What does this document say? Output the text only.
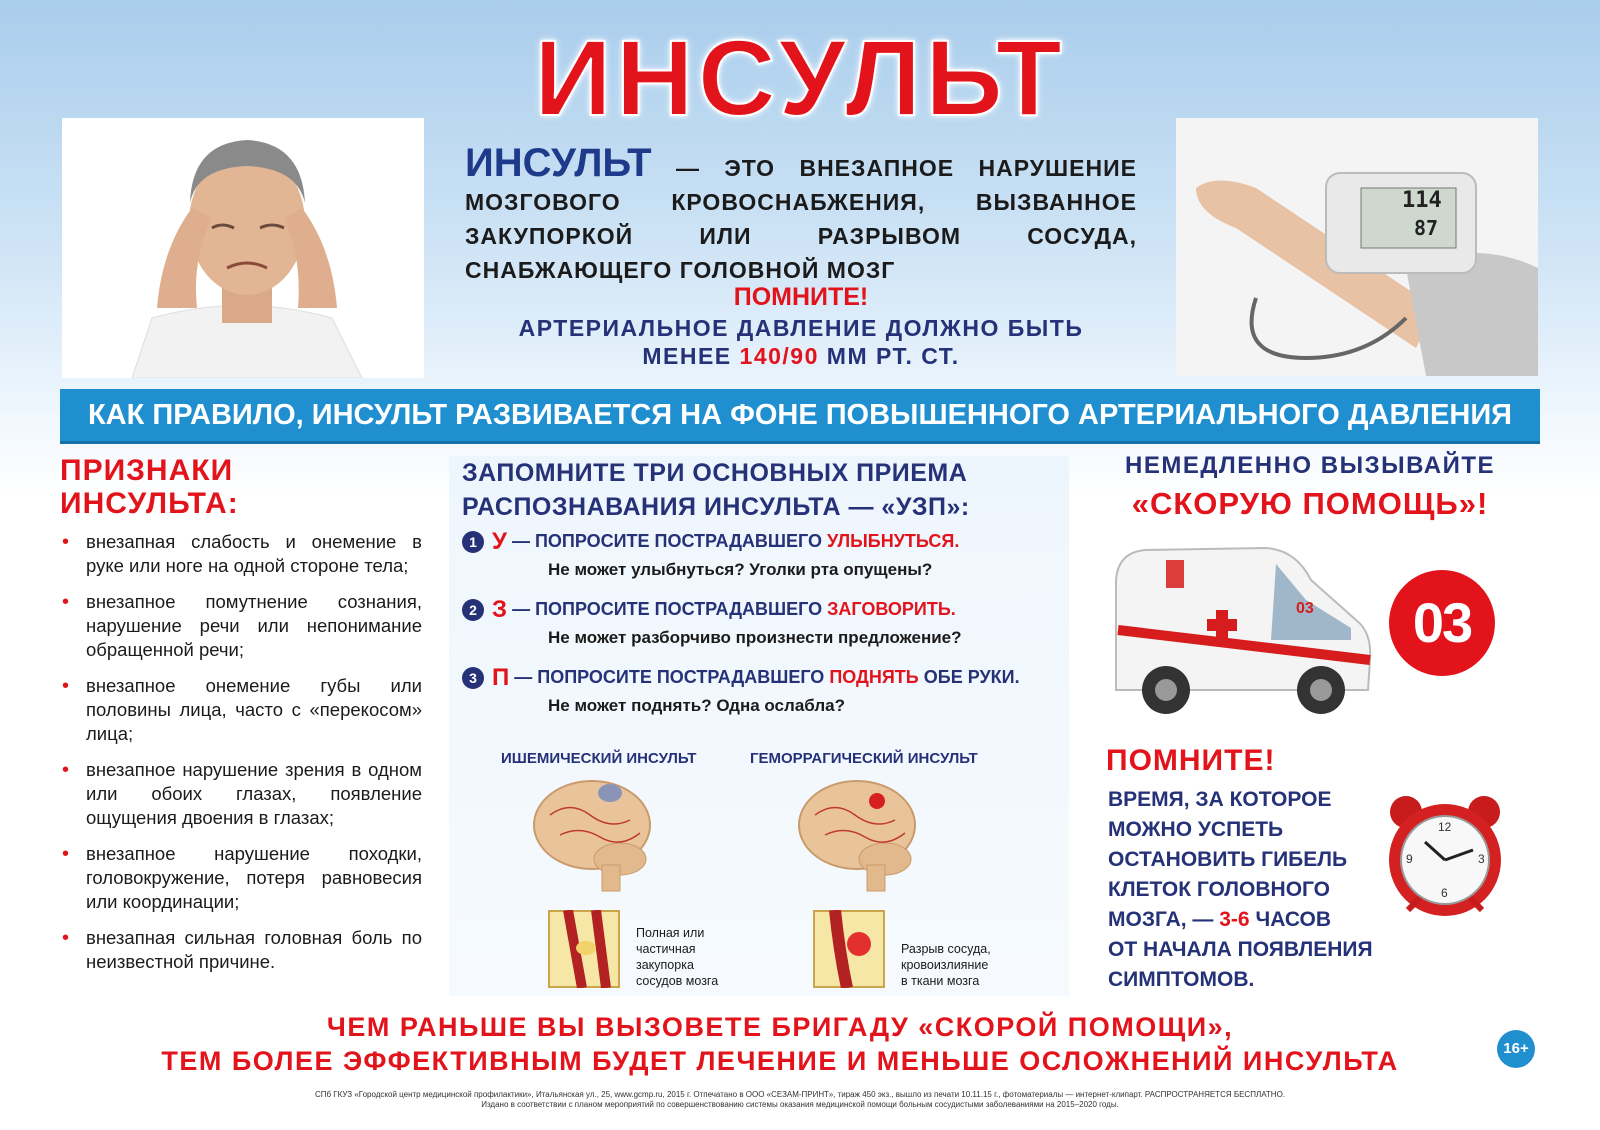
ИНСУЛЬТ
114
87
ИНСУЛЬТ — ЭТО ВНЕЗАПНОЕ НАРУШЕНИЕ МОЗГОВОГО КРОВОСНАБЖЕНИЯ, ВЫЗВАННОЕ ЗАКУПОРКОЙ ИЛИ РАЗРЫВОМ СОСУДА, СНАБЖАЮЩЕГО ГОЛОВНОЙ МОЗГ
ПОМНИТЕ!
АРТЕРИАЛЬНОЕ ДАВЛЕНИЕ ДОЛЖНО БЫТЬ
МЕНЕЕ 140/90 ММ РТ. СТ.
КАК ПРАВИЛО, ИНСУЛЬТ РАЗВИВАЕТСЯ НА ФОНЕ ПОВЫШЕННОГО АРТЕРИАЛЬНОГО ДАВЛЕНИЯ
ПРИЗНАКИ
ИНСУЛЬТА:
• внезапная слабость и онемение в руке или ноге на одной стороне тела;
• внезапное помутнение сознания, нарушение речи или непонимание обращенной речи;
• внезапное онемение губы или половины лица, часто с «перекосом» лица;
• внезапное нарушение зрения в одном или обоих глазах, появление ощущения двоения в глазах;
• внезапное нарушение походки, головокружение, потеря равновесия или координации;
• внезапная сильная головная боль по неизвестной причине.
ЗАПОМНИТЕ ТРИ ОСНОВНЫХ ПРИЕМА
РАСПОЗНАВАНИЯ ИНСУЛЬТА — «УЗП»:
1 У — ПОПРОСИТЕ ПОСТРАДАВШЕГО УЛЫБНУТЬСЯ.
Не может улыбнуться? Уголки рта опущены?
2 З — ПОПРОСИТЕ ПОСТРАДАВШЕГО ЗАГОВОРИТЬ.
Не может разборчиво произнести предложение?
3 П — ПОПРОСИТЕ ПОСТРАДАВШЕГО ПОДНЯТЬ ОБЕ РУКИ.
Не может поднять? Одна ослабла?
ИШЕМИЧЕСКИЙ ИНСУЛЬТ	ГЕМОРРАГИЧЕСКИЙ ИНСУЛЬТ
Полная или
частичная
закупорка
сосудов мозга
Разрыв сосуда,
кровоизлияние
в ткани мозга
НЕМЕДЛЕННО ВЫЗЫВАЙТЕ
«СКОРУЮ ПОМОЩЬ»!
03	03
ПОМНИТЕ!
ВРЕМЯ, ЗА КОТОРОЕ
МОЖНО УСПЕТЬ
ОСТАНОВИТЬ ГИБЕЛЬ
КЛЕТОК ГОЛОВНОГО
МОЗГА, — 3-6 ЧАСОВ
ОТ НАЧАЛА ПОЯВЛЕНИЯ
СИМПТОМОВ.
12
3
6
9
ЧЕМ РАНЬШЕ ВЫ ВЫЗОВЕТЕ БРИГАДУ «СКОРОЙ ПОМОЩИ»,
ТЕМ БОЛЕЕ ЭФФЕКТИВНЫМ БУДЕТ ЛЕЧЕНИЕ И МЕНЬШЕ ОСЛОЖНЕНИЙ ИНСУЛЬТА	16+
СПб ГКУЗ «Городской центр медицинской профилактики», Итальянская ул., 25, www.gcmp.ru, 2015 г. Отпечатано в ООО «СЕЗАМ-ПРИНТ», тираж 450 экз., вышло из печати 10.11.15 г., фотоматериалы — интернет-клипарт. РАСПРОСТРАНЯЕТСЯ БЕСПЛАТНО.
Издано в соответствии с планом мероприятий по совершенствованию системы оказания медицинской помощи больным сосудистыми заболеваниями на 2015–2020 годы.
